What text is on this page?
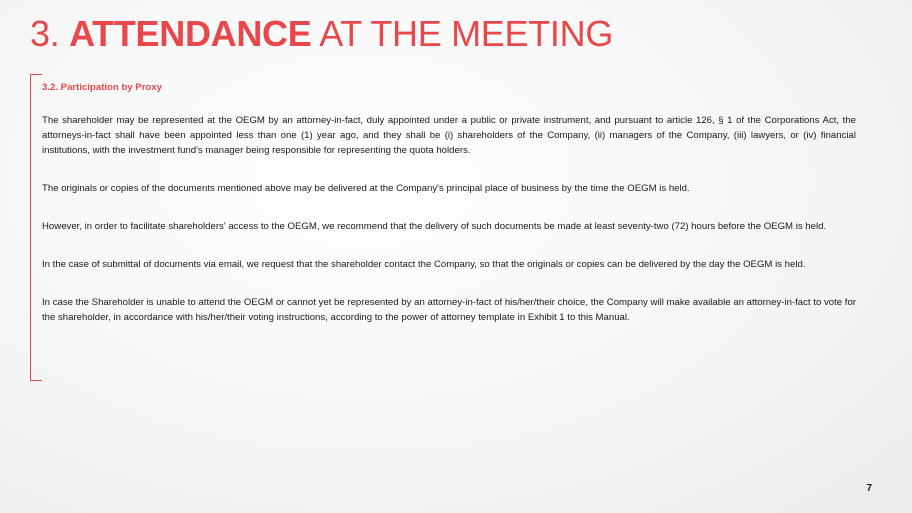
3. ATTENDANCE AT THE MEETING
3.2. Participation by Proxy

The shareholder may be represented at the OEGM by an attorney-in-fact, duly appointed under a public or private instrument, and pursuant to article 126, § 1 of the Corporations Act, the attorneys-in-fact shall have been appointed less than one (1) year ago, and they shall be (i) shareholders of the Company, (ii) managers of the Company, (iii) lawyers, or (iv) financial institutions, with the investment fund's manager being responsible for representing the quota holders.

The originals or copies of the documents mentioned above may be delivered at the Company's principal place of business by the time the OEGM is held.

However, in order to facilitate shareholders' access to the OEGM, we recommend that the delivery of such documents be made at least seventy-two (72) hours before the OEGM is held.

In the case of submittal of documents via email, we request that the shareholder contact the Company, so that the originals or copies can be delivered by the day the OEGM is held.

In case the Shareholder is unable to attend the OEGM or cannot yet be represented by an attorney-in-fact of his/her/their choice, the Company will make available an attorney-in-fact to vote for the shareholder, in accordance with his/her/their voting instructions, according to the power of attorney template in Exhibit 1 to this Manual.

7
